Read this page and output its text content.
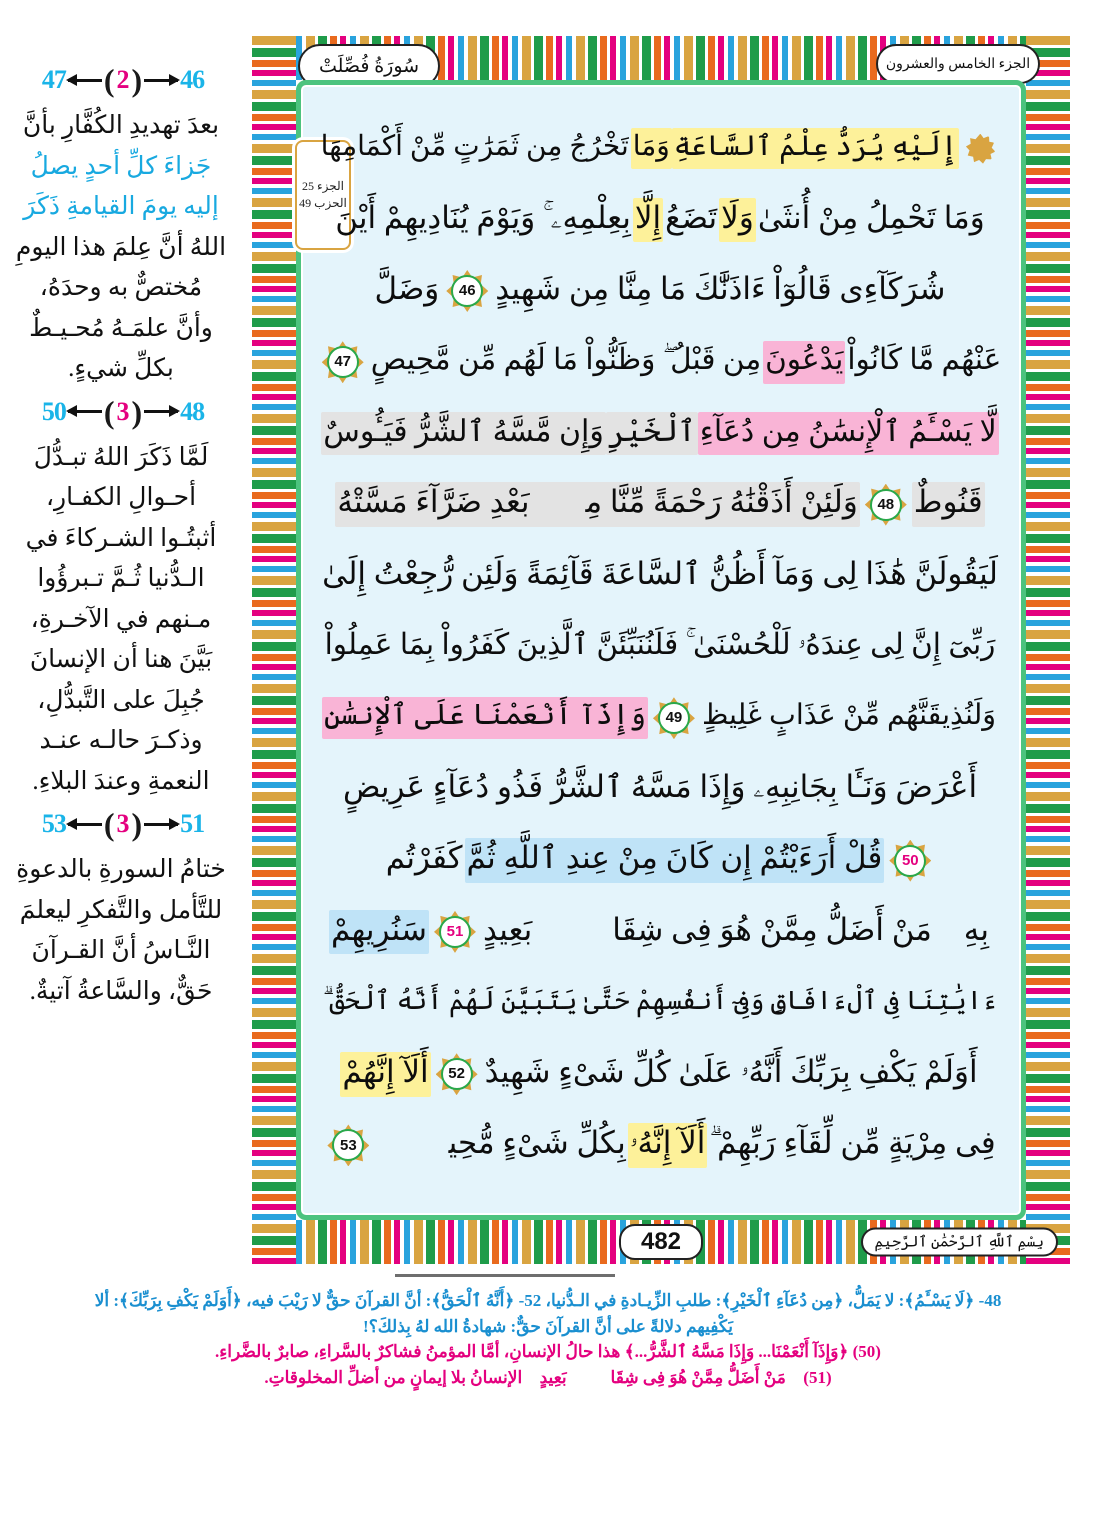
47 ( 2 ) 46
بعدَ تهديدِ الكُفَّارِ بأنَّ
جَزاءَ كلِّ أحدٍ يصلُ
إليه يومَ القيامةِ ذَكَرَ
اللهُ أنَّ عِلمَ هذا اليومِ
مُختصٌّ به وحدَهُ،
وأنَّ علمَـهُ مُحـيـطٌ
بكلِّ شيءٍ.
50 ( 3 ) 48
لَمَّا ذَكَرَ اللهُ تبـدُّلَ
أحـوالِ الكفـارِ،
أثبتُـوا الشـركاءَ في
الـدُّنيا ثُـمَّ تـبرؤُوا
مـنهم في الآخـرةِ،
بَيَّنَ هنا أن الإنسانَ
جُبِلَ على التَّبدُّلِ،
وذكـرَ حالـه عنـد
النعمةِ وعندَ البلاءِ.
53 ( 3 ) 51
ختامُ السورةِ بالدعوةِ
للتَّأمل والتَّفكرِ ليعلمَ
النَّـاسُ أنَّ القـرآنَ
حَقٌّ، والسَّاعةُ آتيةٌ.
سُورَةُ فُصِّلَتْ	الجزء الخامس والعشرون
الجزء 25
الحزب 49
إِلَيْهِ يُرَدُّ عِلْمُ ٱلسَّاعَةِ
وَمَا
تَخْرُجُ مِن ثَمَرَٰتٍ مِّنْ أَكْمَامِهَا
وَمَا تَحْمِلُ مِنْ أُنثَىٰ
وَلَا
تَضَعُ
إِلَّا
بِعِلْمِهِۦ ۚ وَيَوْمَ يُنَادِيهِمْ أَيْنَ
شُرَكَآءِى قَالُوٓاْ ءَاذَنَّٰكَ مَا مِنَّا مِن شَهِيدٍ
46
وَضَلَّ
عَنْهُم مَّا كَانُواْ
يَدْعُونَ
مِن قَبْلُ ۖ وَظَنُّواْ مَا لَهُم مِّن مَّحِيصٍ
47
لَّا يَسْـَٔمُ ٱلْإِنسَٰنُ مِن دُعَآءِ
ٱلْخَيْرِ
وَإِن مَّسَّهُ ٱلشَّرُّ فَيَـُٔوسٌ
قَنُوطٌ
48
وَلَئِنْ أَذَقْنَٰهُ رَحْمَةً مِّنَّا مِنۢ بَعْدِ ضَرَّآءَ مَسَّتْهُ
لَيَقُولَنَّ هَٰذَا لِى وَمَآ أَظُنُّ ٱلسَّاعَةَ قَآئِمَةً وَلَئِن رُّجِعْتُ إِلَىٰ
رَبِّىٓ إِنَّ لِى عِندَهُۥ لَلْحُسْنَىٰ ۚ فَلَنُنَبِّئَنَّ ٱلَّذِينَ كَفَرُواْ بِمَا عَمِلُواْ
وَلَنُذِيقَنَّهُم مِّنْ عَذَابٍ غَلِيظٍ
49
وَإِذَآ أَنْعَمْنَا عَلَى ٱلْإِنسَٰنِ
أَعْرَضَ وَنَـَٔا بِجَانِبِهِۦ وَإِذَا مَسَّهُ ٱلشَّرُّ فَذُو دُعَآءٍ عَرِيضٍ
50
قُلْ أَرَءَيْتُمْ إِن كَانَ مِنْ عِندِ ٱللَّهِ ثُمَّ
كَفَرْتُم
بِهِۦ مَنْ أَضَلُّ مِمَّنْ هُوَ فِى شِقَاقٍۭ بَعِيدٍ
51
سَنُرِيهِمْ
ءَايَٰتِنَا فِى ٱلْءَافَاقِ وَفِىٓ أَنفُسِهِمْ حَتَّىٰ يَتَبَيَّنَ لَهُمْ أَنَّهُ ٱلْحَقُّ ۗ
أَوَلَمْ يَكْفِ بِرَبِّكَ أَنَّهُۥ عَلَىٰ كُلِّ شَىْءٍ شَهِيدٌ
52
أَلَآ إِنَّهُمْ
فِى مِرْيَةٍ مِّن لِّقَآءِ رَبِّهِمْ ۗ
أَلَآ إِنَّهُۥ
بِكُلِّ شَىْءٍ مُّحِيطٌۢ
53
482	بِسْمِ ٱللَّهِ ٱلرَّحْمَٰنِ ٱلرَّحِيمِ
48- ﴿لَا يَسْـَٔمُ﴾: لا يَمَلُّ، ﴿مِن دُعَآءِ ٱلْخَيْرِ﴾: طلبِ الزِّيـادةِ في الـدُّنيا، 52- ﴿أَنَّهُ ٱلْحَقُّ﴾: أنَّ القرآنَ حقٌّ لا رَيْبَ فيه، ﴿أَوَلَمْ يَكْفِ بِرَبِّكَ﴾: ألا
يَكْفِيهم دلالةً على أنَّ القرآنَ حقٌّ: شهادةُ الله لهُ بِذلكَ؟!
(50) ﴿وَإِذَآ أَنْعَمْنَا... وَإِذَا مَسَّهُ ٱلشَّرُّ...﴾ هذا حالُ الإنسانِ، أمَّا المؤمنُ فشاكرٌ بالسَّراءِ، صابرٌ بالضَّراءِ.
(51) ﴿مَنْ أَضَلُّ مِمَّنْ هُوَ فِى شِقَاقٍۭ بَعِيدٍ﴾ الإنسانُ بلا إيمانٍ من أضلِّ المخلوقاتِ.
